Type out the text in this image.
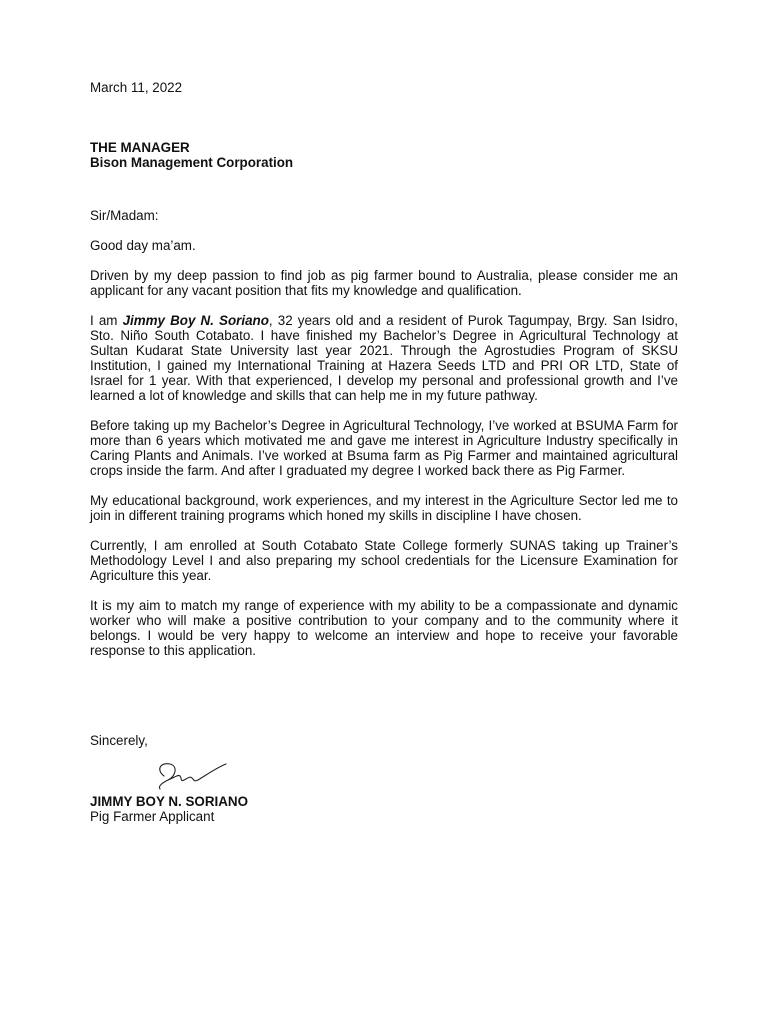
March 11, 2022

THE MANAGER

Bison Management Corporation

Sir/Madam:

Good day ma’am.

Driven by my deep passion to find job as pig farmer bound to Australia, please consider me an applicant for any vacant position that fits my knowledge and qualification.

I am Jimmy Boy N. Soriano, 32 years old and a resident of Purok Tagumpay, Brgy. San Isidro, Sto. Niño South Cotabato. I have finished my Bachelor’s Degree in Agricultural Technology at Sultan Kudarat State University last year 2021. Through the Agrostudies Program of SKSU Institution, I gained my International Training at Hazera Seeds LTD and PRI OR LTD, State of Israel for 1 year. With that experienced, I develop my personal and professional growth and I’ve learned a lot of knowledge and skills that can help me in my future pathway.

Before taking up my Bachelor’s Degree in Agricultural Technology, I’ve worked at BSUMA Farm for more than 6 years which motivated me and gave me interest in Agriculture Industry specifically in Caring Plants and Animals. I’ve worked at Bsuma farm as Pig Farmer and maintained agricultural crops inside the farm. And after I graduated my degree I worked back there as Pig Farmer.

My educational background, work experiences, and my interest in the Agriculture Sector led me to join in different training programs which honed my skills in discipline I have chosen.

Currently, I am enrolled at South Cotabato State College formerly SUNAS taking up Trainer’s Methodology Level I and also preparing my school credentials for the Licensure Examination for Agriculture this year.

It is my aim to match my range of experience with my ability to be a compassionate and dynamic worker who will make a positive contribution to your company and to the community where it belongs. I would be very happy to welcome an interview and hope to receive your favorable response to this application.

Sincerely,

JIMMY BOY N. SORIANO

Pig Farmer Applicant
